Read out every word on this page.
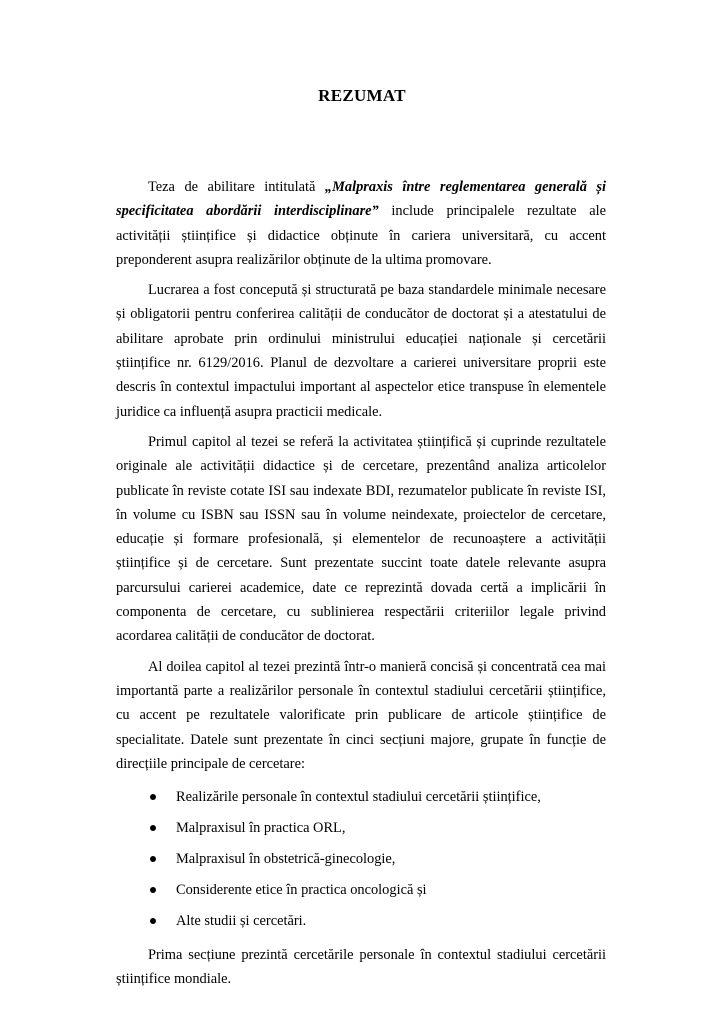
REZUMAT

Teza de abilitare intitulată „Malpraxis între reglementarea generală și specificitatea abordării interdisciplinare” include principalele rezultate ale activității științifice și didactice obținute în cariera universitară, cu accent preponderent asupra realizărilor obținute de la ultima promovare.

Lucrarea a fost concepută și structurată pe baza standardele minimale necesare și obligatorii pentru conferirea calității de conducător de doctorat și a atestatului de abilitare aprobate prin ordinului ministrului educației naționale și cercetării științifice nr. 6129/2016. Planul de dezvoltare a carierei universitare proprii este descris în contextul impactului important al aspectelor etice transpuse în elementele juridice ca influență asupra practicii medicale.

Primul capitol al tezei se referă la activitatea științifică și cuprinde rezultatele originale ale activității didactice și de cercetare, prezentând analiza articolelor publicate în reviste cotate ISI sau indexate BDI, rezumatelor publicate în reviste ISI, în volume cu ISBN sau ISSN sau în volume neindexate, proiectelor de cercetare, educație și formare profesională, și elementelor de recunoaștere a activității științifice și de cercetare. Sunt prezentate succint toate datele relevante asupra parcursului carierei academice, date ce reprezintă dovada certă a implicării în componenta de cercetare, cu sublinierea respectării criteriilor legale privind acordarea calității de conducător de doctorat.

Al doilea capitol al tezei prezintă într-o manieră concisă și concentrată cea mai importantă parte a realizărilor personale în contextul stadiului cercetării științifice, cu accent pe rezultatele valorificate prin publicare de articole științifice de specialitate. Datele sunt prezentate în cinci secțiuni majore, grupate în funcție de direcțiile principale de cercetare:

Realizările personale în contextul stadiului cercetării științifice,
Malpraxisul în practica ORL,
Malpraxisul în obstetrică-ginecologie,
Considerente etice în practica oncologică și
Alte studii și cercetări.

Prima secțiune prezintă cercetările personale în contextul stadiului cercetării științifice mondiale.
